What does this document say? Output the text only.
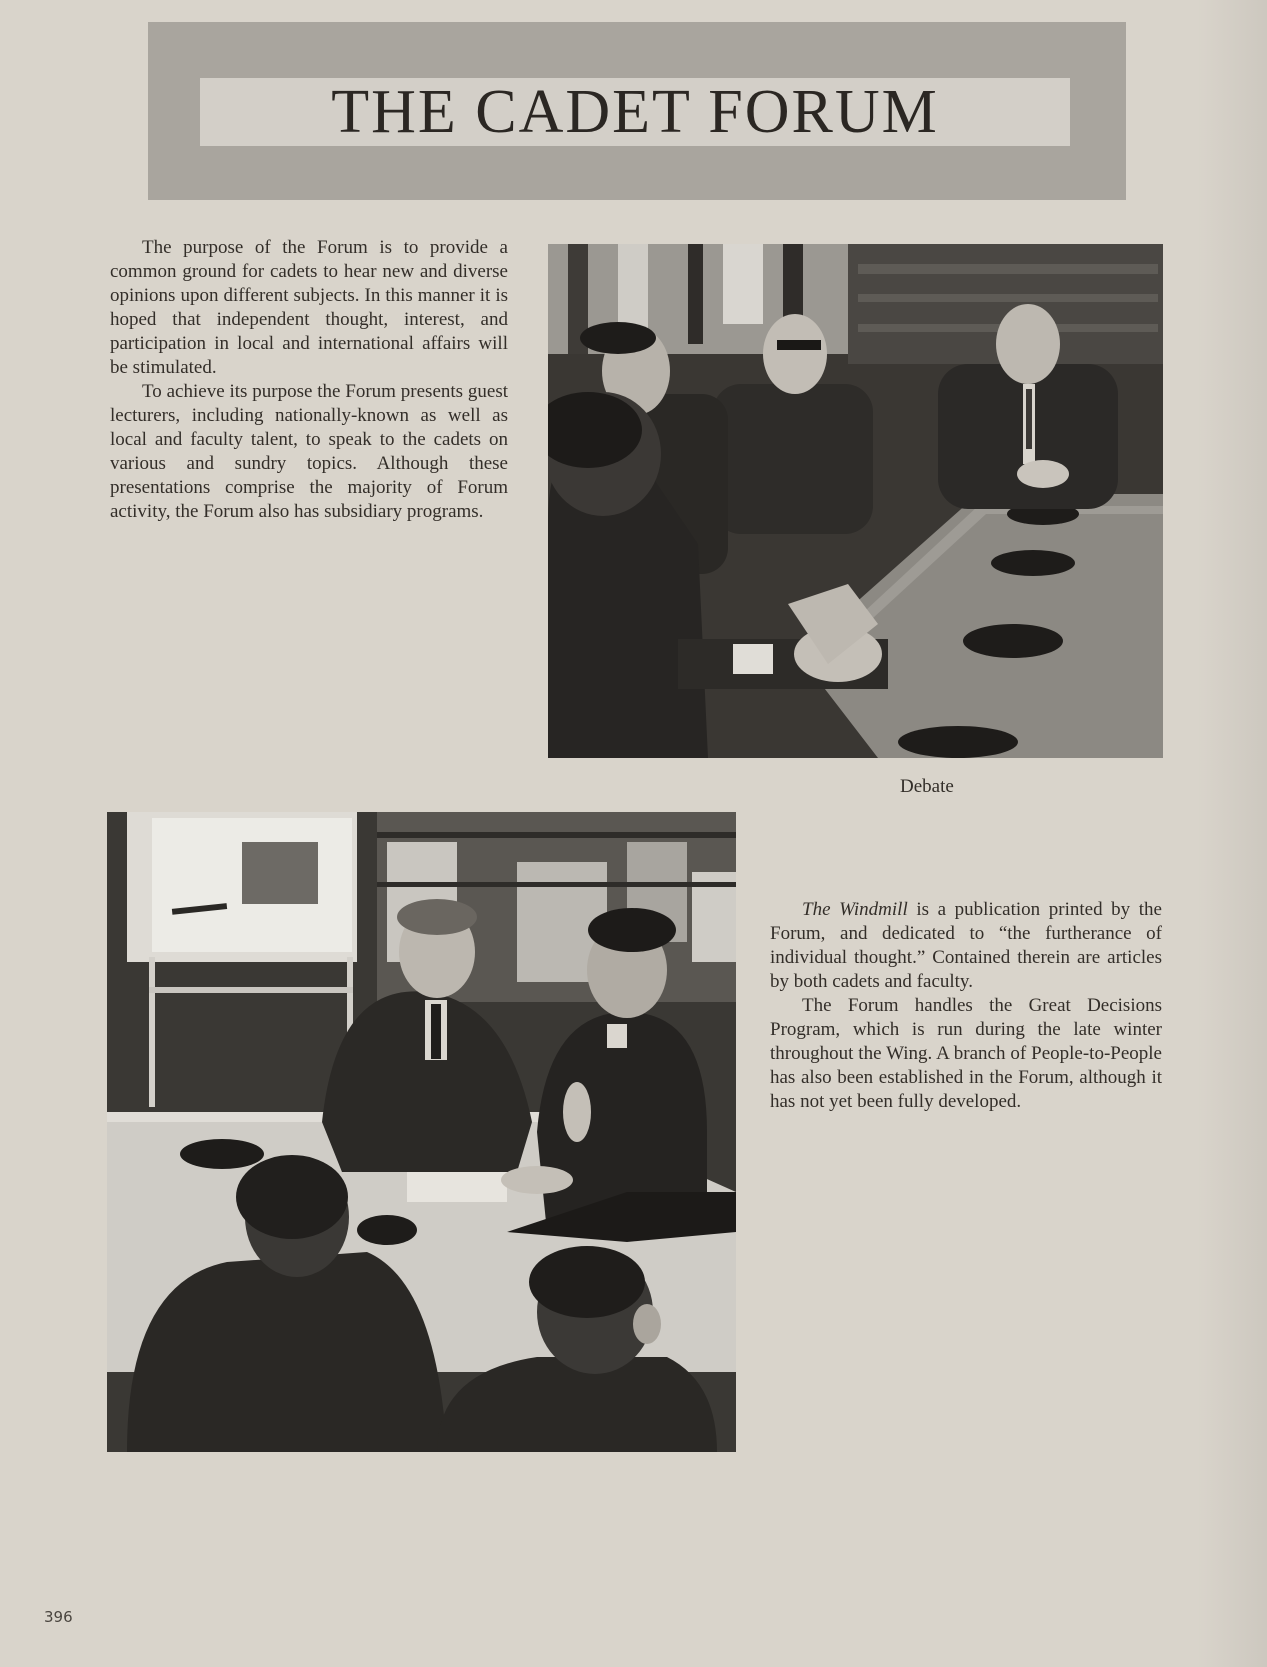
THE CADET FORUM

The purpose of the Forum is to provide a common ground for cadets to hear new and diverse opinions upon different subjects. In this manner it is hoped that independent thought, interest, and participation in local and international affairs will be stimulated.

To achieve its purpose the Forum presents guest lecturers, including nationally-known as well as local and faculty talent, to speak to the cadets on various and sundry topics. Although these presentations comprise the majority of Forum activity, the Forum also has subsidiary programs.

Debate

The Windmill is a publication printed by the Forum, and dedicated to “the furtherance of individual thought.” Contained therein are articles by both cadets and faculty.

The Forum handles the Great Decisions Program, which is run during the late winter throughout the Wing. A branch of People-to-People has also been established in the Forum, although it has not yet been fully developed.

396
